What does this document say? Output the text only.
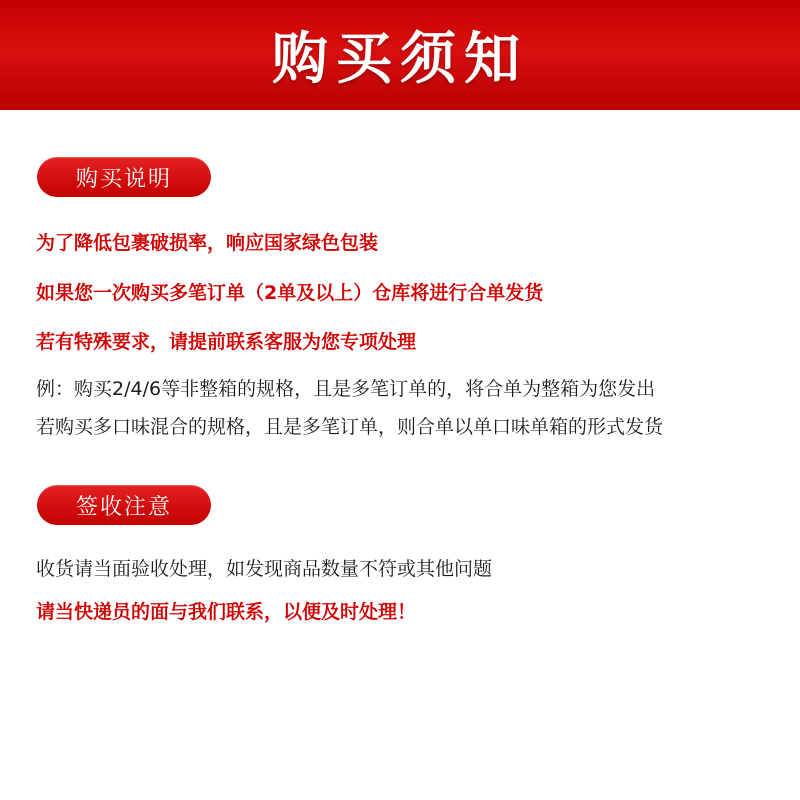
购买须知
购买说明
为了降低包裹破损率，响应国家绿色包装
如果您一次购买多笔订单（2单及以上）仓库将进行合单发货
若有特殊要求，请提前联系客服为您专项处理
例：购买2/4/6等非整箱的规格，且是多笔订单的，将合单为整箱为您发出
若购买多口味混合的规格，且是多笔订单，则合单以单口味单箱的形式发货
签收注意
收货请当面验收处理，如发现商品数量不符或其他问题
请当快递员的面与我们联系，以便及时处理！
